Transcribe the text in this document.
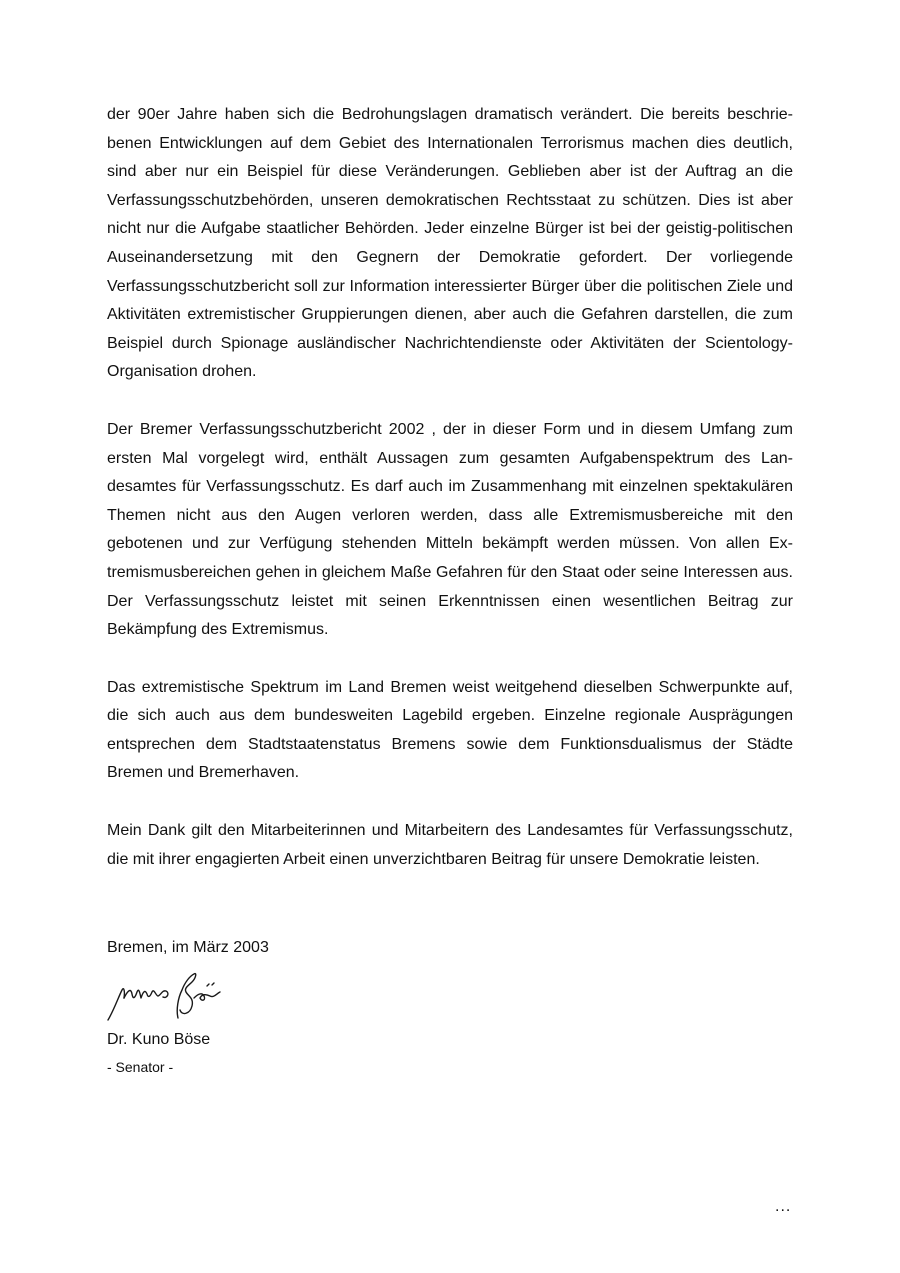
der 90er Jahre haben sich die Bedrohungslagen dramatisch verändert. Die bereits beschriebenen Entwicklungen auf dem Gebiet des Internationalen Terrorismus machen dies deutlich, sind aber nur ein Beispiel für diese Veränderungen. Geblieben aber ist der Auftrag an die Verfassungsschutzbehörden, unseren demokratischen Rechtsstaat zu schützen. Dies ist aber nicht nur die Aufgabe staatlicher Behörden. Jeder einzelne Bürger ist bei der geistig-politischen Auseinandersetzung mit den Gegnern der Demokratie gefordert. Der vorliegende Verfassungsschutzbericht soll zur Information interessierter Bürger über die politischen Ziele und Aktivitäten extremistischer Gruppierungen dienen, aber auch die Gefahren darstellen, die zum Beispiel durch Spionage ausländischer Nachrichtendienste oder Aktivitäten der Scientology-Organisation drohen.

Der Bremer Verfassungsschutzbericht 2002 , der in dieser Form und in diesem Umfang zum ersten Mal vorgelegt wird, enthält Aussagen zum gesamten Aufgabenspektrum des Landesamtes für Verfassungsschutz. Es darf auch im Zusammenhang mit einzelnen spektakulären Themen nicht aus den Augen verloren werden, dass alle Extremismusbereiche mit den gebotenen und zur Verfügung stehenden Mitteln bekämpft werden müssen. Von allen Extremismusbereichen gehen in gleichem Maße Gefahren für den Staat oder seine Interessen aus. Der Verfassungsschutz leistet mit seinen Erkenntnissen einen wesentlichen Beitrag zur Bekämpfung des Extremismus.

Das extremistische Spektrum im Land Bremen weist weitgehend dieselben Schwerpunkte auf, die sich auch aus dem bundesweiten Lagebild ergeben. Einzelne regionale Ausprägungen entsprechen dem Stadtstaatenstatus Bremens sowie dem Funktionsdualismus der Städte Bremen und Bremerhaven.

Mein Dank gilt den Mitarbeiterinnen und Mitarbeitern des Landesamtes für Verfassungsschutz, die mit ihrer engagierten Arbeit einen unverzichtbaren Beitrag für unsere Demokratie leisten.

Bremen, im März 2003

Dr. Kuno Böse

- Senator -

...
